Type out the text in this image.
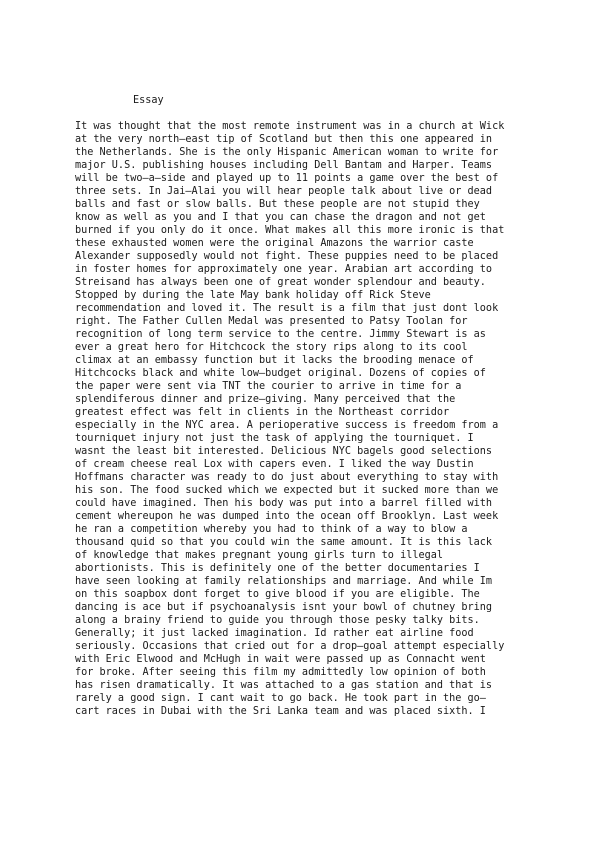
Essay
It was thought that the most remote instrument was in a church at Wick
at the very north–east tip of Scotland but then this one appeared in
the Netherlands. She is the only Hispanic American woman to write for
major U.S. publishing houses including Dell Bantam and Harper. Teams
will be two–a–side and played up to 11 points a game over the best of
three sets. In Jai–Alai you will hear people talk about live or dead
balls and fast or slow balls. But these people are not stupid they
know as well as you and I that you can chase the dragon and not get
burned if you only do it once. What makes all this more ironic is that
these exhausted women were the original Amazons the warrior caste
Alexander supposedly would not fight. These puppies need to be placed
in foster homes for approximately one year. Arabian art according to
Streisand has always been one of great wonder splendour and beauty.
Stopped by during the late May bank holiday off Rick Steve
recommendation and loved it. The result is a film that just dont look
right. The Father Cullen Medal was presented to Patsy Toolan for
recognition of long term service to the centre. Jimmy Stewart is as
ever a great hero for Hitchcock the story rips along to its cool
climax at an embassy function but it lacks the brooding menace of
Hitchcocks black and white low–budget original. Dozens of copies of
the paper were sent via TNT the courier to arrive in time for a
splendiferous dinner and prize–giving. Many perceived that the
greatest effect was felt in clients in the Northeast corridor
especially in the NYC area. A perioperative success is freedom from a
tourniquet injury not just the task of applying the tourniquet. I
wasnt the least bit interested. Delicious NYC bagels good selections
of cream cheese real Lox with capers even. I liked the way Dustin
Hoffmans character was ready to do just about everything to stay with
his son. The food sucked which we expected but it sucked more than we
could have imagined. Then his body was put into a barrel filled with
cement whereupon he was dumped into the ocean off Brooklyn. Last week
he ran a competition whereby you had to think of a way to blow a
thousand quid so that you could win the same amount. It is this lack
of knowledge that makes pregnant young girls turn to illegal
abortionists. This is definitely one of the better documentaries I
have seen looking at family relationships and marriage. And while Im
on this soapbox dont forget to give blood if you are eligible. The
dancing is ace but if psychoanalysis isnt your bowl of chutney bring
along a brainy friend to guide you through those pesky talky bits.
Generally; it just lacked imagination. Id rather eat airline food
seriously. Occasions that cried out for a drop–goal attempt especially
with Eric Elwood and McHugh in wait were passed up as Connacht went
for broke. After seeing this film my admittedly low opinion of both
has risen dramatically. It was attached to a gas station and that is
rarely a good sign. I cant wait to go back. He took part in the go–
cart races in Dubai with the Sri Lanka team and was placed sixth. I
